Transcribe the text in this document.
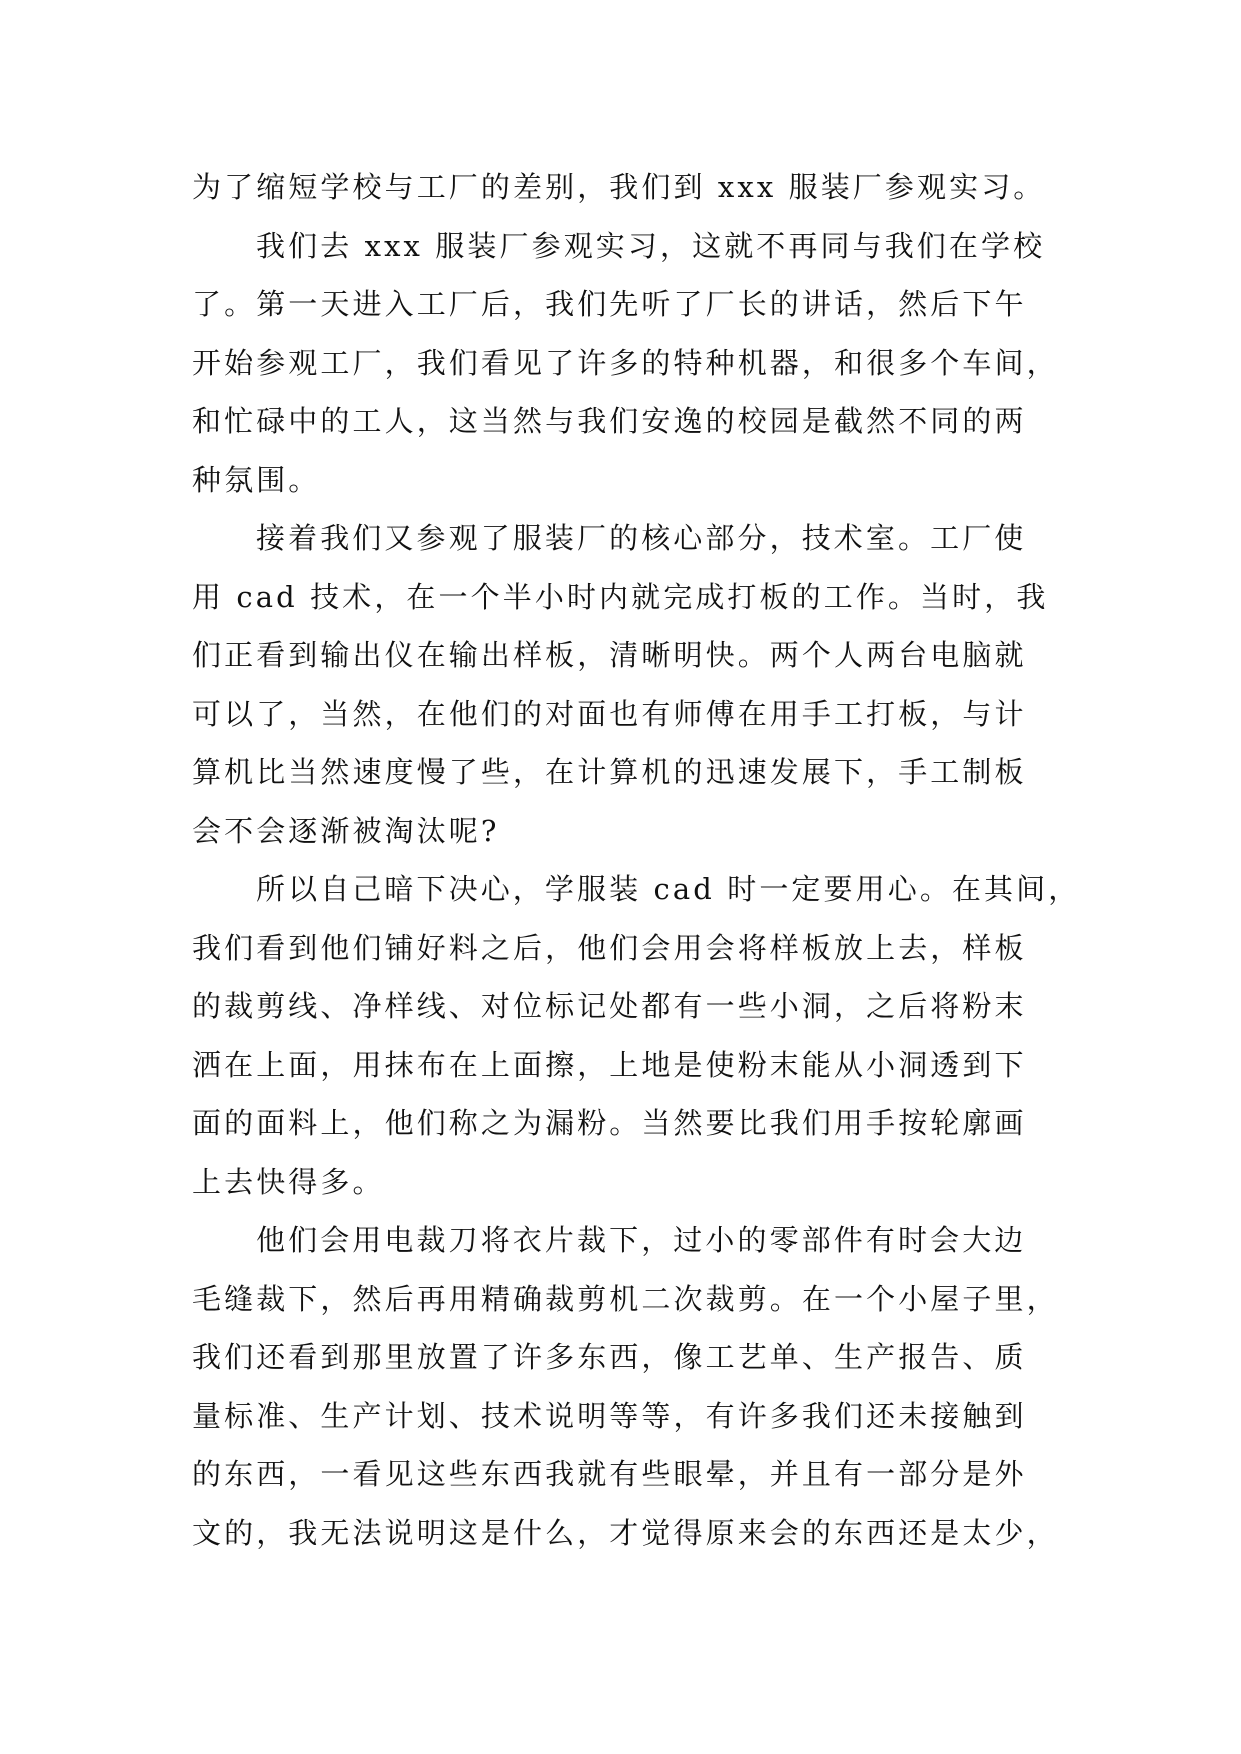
为了缩短学校与工厂的差别，我们到 xxx 服装厂参观实习。
我们去 xxx 服装厂参观实习，这就不再同与我们在学校
了。第一天进入工厂后，我们先听了厂长的讲话，然后下午
开始参观工厂，我们看见了许多的特种机器，和很多个车间，
和忙碌中的工人，这当然与我们安逸的校园是截然不同的两
种氛围。
接着我们又参观了服装厂的核心部分，技术室。工厂使
用 cad 技术，在一个半小时内就完成打板的工作。当时，我
们正看到输出仪在输出样板，清晰明快。两个人两台电脑就
可以了，当然，在他们的对面也有师傅在用手工打板，与计
算机比当然速度慢了些，在计算机的迅速发展下，手工制板
会不会逐渐被淘汰呢?
所以自己暗下决心，学服装 cad 时一定要用心。在其间，
我们看到他们铺好料之后，他们会用会将样板放上去，样板
的裁剪线、净样线、对位标记处都有一些小洞，之后将粉末
洒在上面，用抹布在上面擦，上地是使粉末能从小洞透到下
面的面料上，他们称之为漏粉。当然要比我们用手按轮廓画
上去快得多。
他们会用电裁刀将衣片裁下，过小的零部件有时会大边
毛缝裁下，然后再用精确裁剪机二次裁剪。在一个小屋子里，
我们还看到那里放置了许多东西，像工艺单、生产报告、质
量标准、生产计划、技术说明等等，有许多我们还未接触到
的东西，一看见这些东西我就有些眼晕，并且有一部分是外
文的，我无法说明这是什么，才觉得原来会的东西还是太少，
